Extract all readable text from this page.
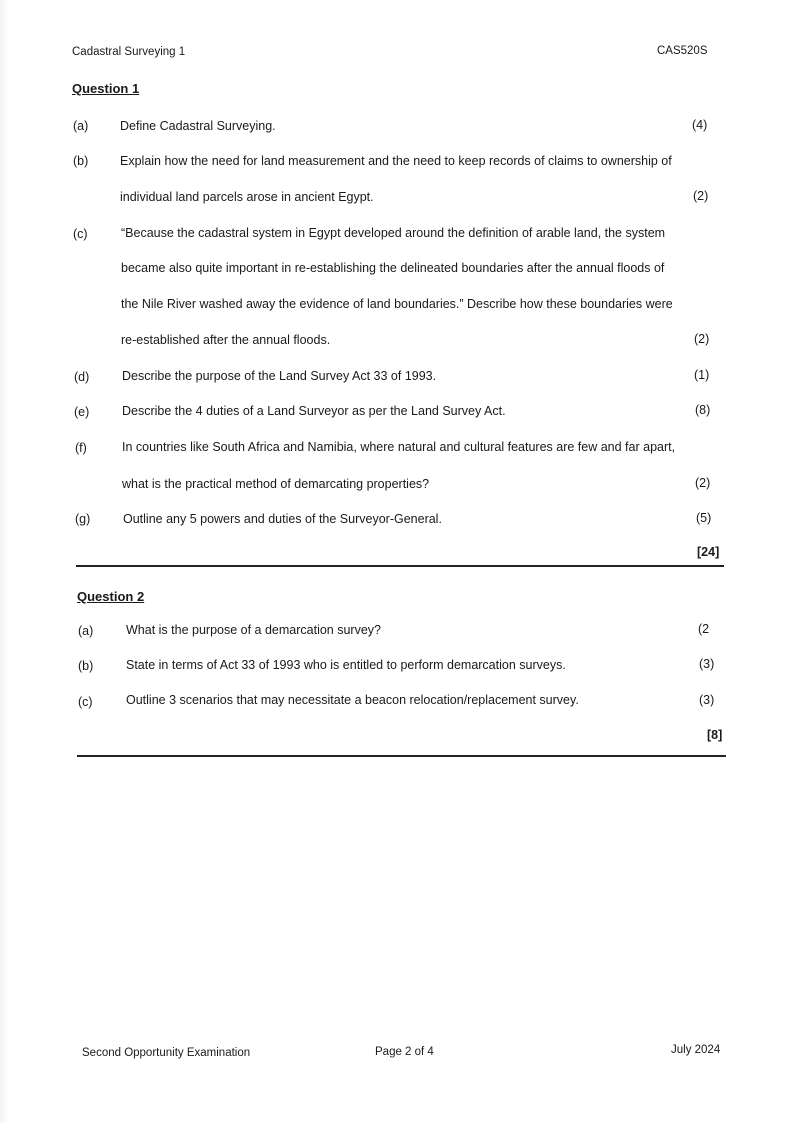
Cadastral Surveying 1	CAS520S
Question 1
(a)	Define Cadastral Surveying.	(4)
(b)	Explain how the need for land measurement and the need to keep records of claims to ownership of
individual land parcels arose in ancient Egypt.	(2)
(c)	“Because the cadastral system in Egypt developed around the definition of arable land, the system
became also quite important in re-establishing the delineated boundaries after the annual floods of
the Nile River washed away the evidence of land boundaries.” Describe how these boundaries were
re-established after the annual floods.	(2)
(d)	Describe the purpose of the Land Survey Act 33 of 1993.	(1)
(e)	Describe the 4 duties of a Land Surveyor as per the Land Survey Act.	(8)
(f)	In countries like South Africa and Namibia, where natural and cultural features are few and far apart,
what is the practical method of demarcating properties?	(2)
(g)	Outline any 5 powers and duties of the Surveyor-General.	(5)
[24]
Question 2
(a)	What is the purpose of a demarcation survey?	(2
(b)	State in terms of Act 33 of 1993 who is entitled to perform demarcation surveys.	(3)
(c)	Outline 3 scenarios that may necessitate a beacon relocation/replacement survey.	(3)
[8]
Second Opportunity Examination	Page 2 of 4	July 2024
